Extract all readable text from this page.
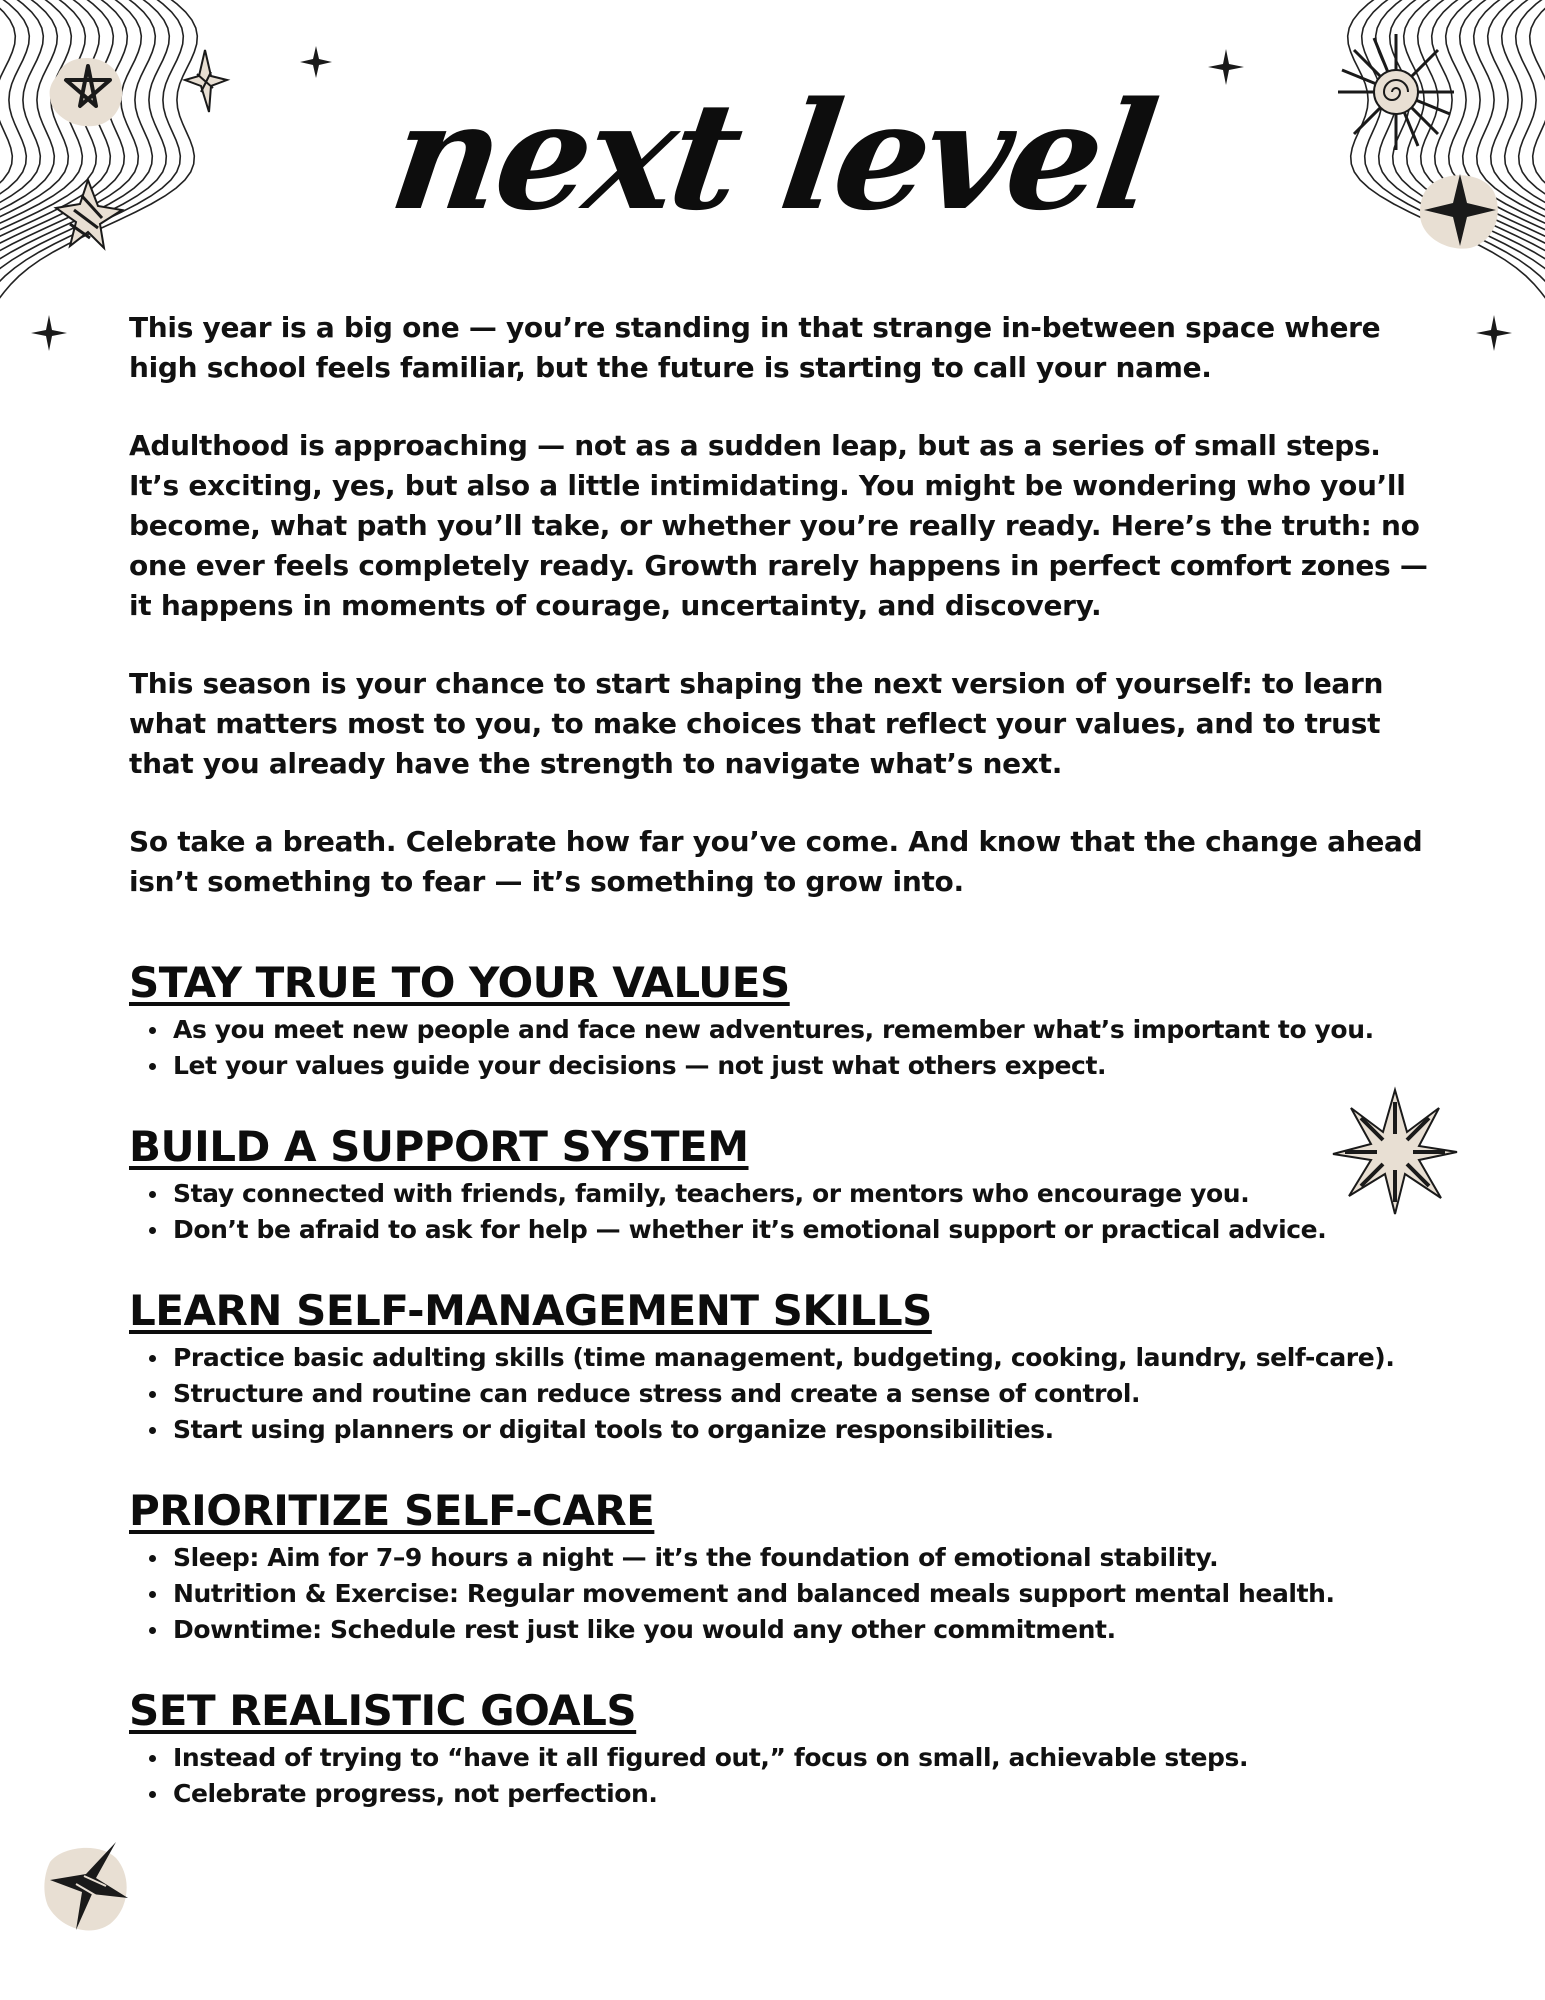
next level

This year is a big one — you’re standing in that strange in-between space where high school feels familiar, but the future is starting to call your name.

Adulthood is approaching — not as a sudden leap, but as a series of small steps. It’s exciting, yes, but also a little intimidating. You might be wondering who you’ll become, what path you’ll take, or whether you’re really ready. Here’s the truth: no one ever feels completely ready. Growth rarely happens in perfect comfort zones — it happens in moments of courage, uncertainty, and discovery.

This season is your chance to start shaping the next version of yourself: to learn what matters most to you, to make choices that reflect your values, and to trust that you already have the strength to navigate what’s next.

So take a breath. Celebrate how far you’ve come. And know that the change ahead isn’t something to fear — it’s something to grow into.

STAY TRUE TO YOUR VALUES
As you meet new people and face new adventures, remember what’s important to you.
Let your values guide your decisions — not just what others expect.
BUILD A SUPPORT SYSTEM
Stay connected with friends, family, teachers, or mentors who encourage you.
Don’t be afraid to ask for help — whether it’s emotional support or practical advice.
LEARN SELF-MANAGEMENT SKILLS
Practice basic adulting skills (time management, budgeting, cooking, laundry, self-care).
Structure and routine can reduce stress and create a sense of control.
Start using planners or digital tools to organize responsibilities.
PRIORITIZE SELF-CARE
Sleep: Aim for 7–9 hours a night — it’s the foundation of emotional stability.
Nutrition & Exercise: Regular movement and balanced meals support mental health.
Downtime: Schedule rest just like you would any other commitment.
SET REALISTIC GOALS
Instead of trying to “have it all figured out,” focus on small, achievable steps.
Celebrate progress, not perfection.
